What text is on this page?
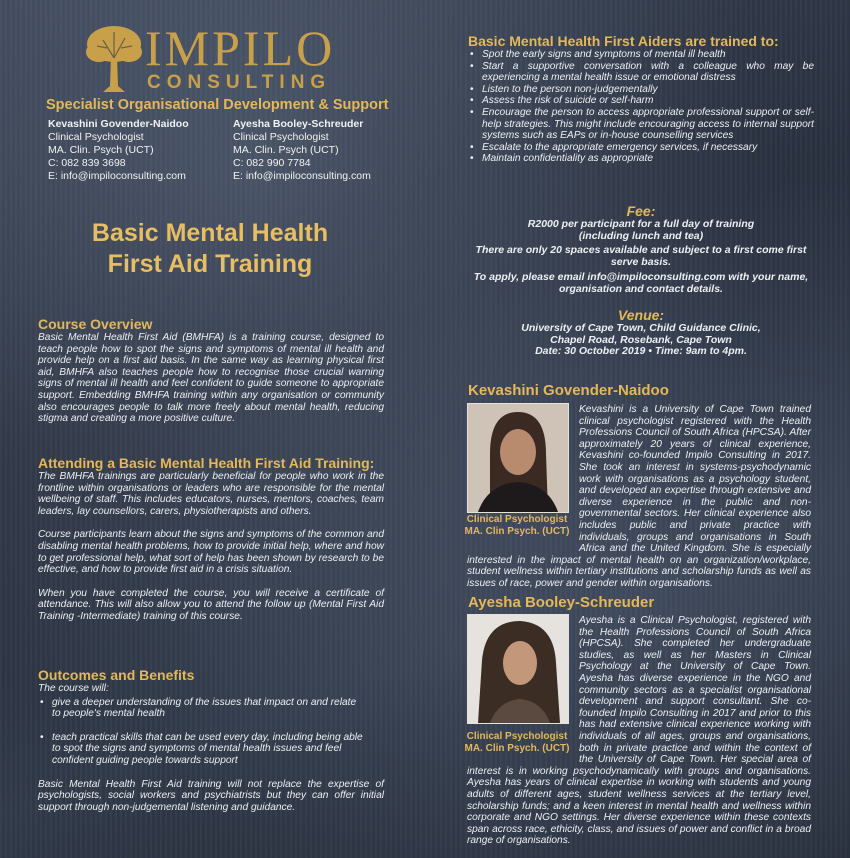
IMPILO
CONSULTING
Specialist Organisational Development & Support
Kevashini Govender-Naidoo
Clinical Psychologist
MA. Clin. Psych (UCT)
C: 082 839 3698
E: info@impiloconsulting.com
Ayesha Booley-Schreuder
Clinical Psychologist
MA. Clin. Psych (UCT)
C: 082 990 7784
E: info@impiloconsulting.com
Basic Mental Health
First Aid Training

Course Overview

Basic Mental Health First Aid (BMHFA) is a training course, designed to teach people how to spot the signs and symptoms of mental ill health and provide help on a first aid basis. In the same way as learning physical first aid, BMHFA also teaches people how to recognise those crucial warning signs of mental ill health and feel confident to guide someone to appropriate support. Embedding BMHFA training within any organisation or community also encourages people to talk more freely about mental health, reducing stigma and creating a more positive culture.

Attending a Basic Mental Health First Aid Training:

The BMHFA trainings are particularly beneficial for people who work in the frontline within organisations or leaders who are responsible for the mental wellbeing of staff. This includes educators, nurses, mentors, coaches, team leaders, lay counsellors, carers, physiotherapists and others.

Course participants learn about the signs and symptoms of the common and disabling mental health problems, how to provide initial help, where and how to get professional help, what sort of help has been shown by research to be effective, and how to provide first aid in a crisis situation.

When you have completed the course, you will receive a certificate of attendance. This will also allow you to attend the follow up (Mental First Aid Training -Intermediate) training of this course.

Outcomes and Benefits

The course will:

• give a deeper understanding of the issues that impact on and relate to people's mental health
• teach practical skills that can be used every day, including being able to spot the signs and symptoms of mental health issues and feel confident guiding people towards support

Basic Mental Health First Aid training will not replace the expertise of psychologists, social workers and psychiatrists but they can offer initial support through non-judgemental listening and guidance.

Basic Mental Health First Aiders are trained to:

• Spot the early signs and symptoms of mental ill health
• Start a supportive conversation with a colleague who may be experiencing a mental health issue or emotional distress
• Listen to the person non-judgementally
• Assess the risk of suicide or self-harm
• Encourage the person to access appropriate professional support or self-help strategies. This might include encouraging access to internal support systems such as EAPs or in-house counselling services
• Escalate to the appropriate emergency services, if necessary
• Maintain confidentiality as appropriate
Fee:
R2000 per participant for a full day of training
(including lunch and tea)
There are only 20 spaces available and subject to a first come first serve basis.
To apply, please email info@impiloconsulting.com with your name, organisation and contact details.
Venue:
University of Cape Town, Child Guidance Clinic,
Chapel Road, Rosebank, Cape Town
Date: 30 October 2019 • Time: 9am to 4pm.
Kevashini Govender-Naidoo
Clinical Psychologist
MA. Clin Psych. (UCT)
Kevashini is a University of Cape Town trained clinical psychologist registered with the Health Professions Council of South Africa (HPCSA). After approximately 20 years of clinical experience, Kevashini co-founded Impilo Consulting in 2017. She took an interest in systems-psychodynamic work with organisations as a psychology student, and developed an expertise through extensive and diverse experience in the public and non-governmental sectors. Her clinical experience also includes public and private practice with individuals, groups and organisations in South Africa and the United Kingdom. She is especially interested in the impact of mental health on an organization/workplace, student wellness within tertiary institutions and scholarship funds as well as issues of race, power and gender within organisations.
Ayesha Booley-Schreuder
Clinical Psychologist
MA. Clin Psych. (UCT)
Ayesha is a Clinical Psychologist, registered with the Health Professions Council of South Africa (HPCSA). She completed her undergraduate studies, as well as her Masters in Clinical Psychology at the University of Cape Town. Ayesha has diverse experience in the NGO and community sectors as a specialist organisational development and support consultant. She co-founded Impilo Consulting in 2017 and prior to this has had extensive clinical experience working with individuals of all ages, groups and organisations, both in private practice and within the context of the University of Cape Town. Her special area of interest is in working psychodynamically with groups and organisations. Ayesha has years of clinical expertise in working with students and young adults of different ages, student wellness services at the tertiary level, scholarship funds; and a keen interest in mental health and wellness within corporate and NGO settings. Her diverse experience within these contexts span across race, ethicity, class, and issues of power and conflict in a broad range of organisations.
